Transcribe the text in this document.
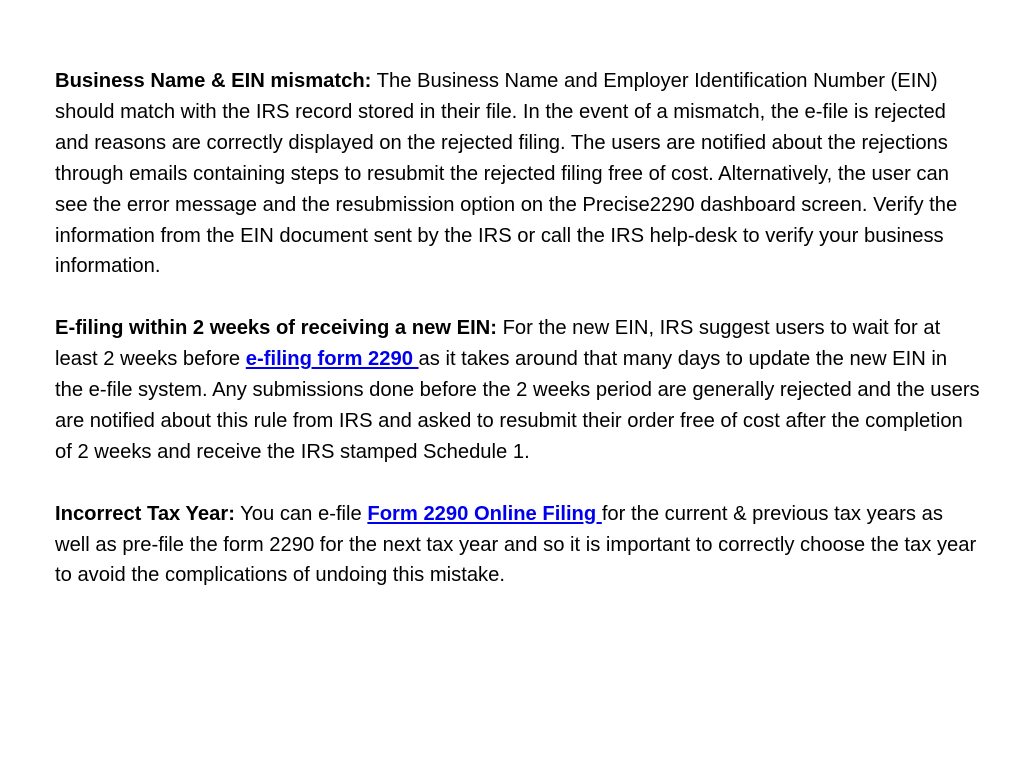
Business Name & EIN mismatch: The Business Name and Employer Identification Number (EIN) should match with the IRS record stored in their file. In the event of a mismatch, the e-file is rejected and reasons are correctly displayed on the rejected filing. The users are notified about the rejections through emails containing steps to resubmit the rejected filing free of cost. Alternatively, the user can see the error message and the resubmission option on the Precise2290 dashboard screen. Verify the information from the EIN document sent by the IRS or call the IRS help-desk to verify your business information.

E-filing within 2 weeks of receiving a new EIN: For the new EIN, IRS suggest users to wait for at least 2 weeks before e-filing form 2290 as it takes around that many days to update the new EIN in the e-file system. Any submissions done before the 2 weeks period are generally rejected and the users are notified about this rule from IRS and asked to resubmit their order free of cost after the completion of 2 weeks and receive the IRS stamped Schedule 1.

Incorrect Tax Year: You can e-file Form 2290 Online Filing for the current & previous tax years as well as pre-file the form 2290 for the next tax year and so it is important to correctly choose the tax year to avoid the complications of undoing this mistake.
